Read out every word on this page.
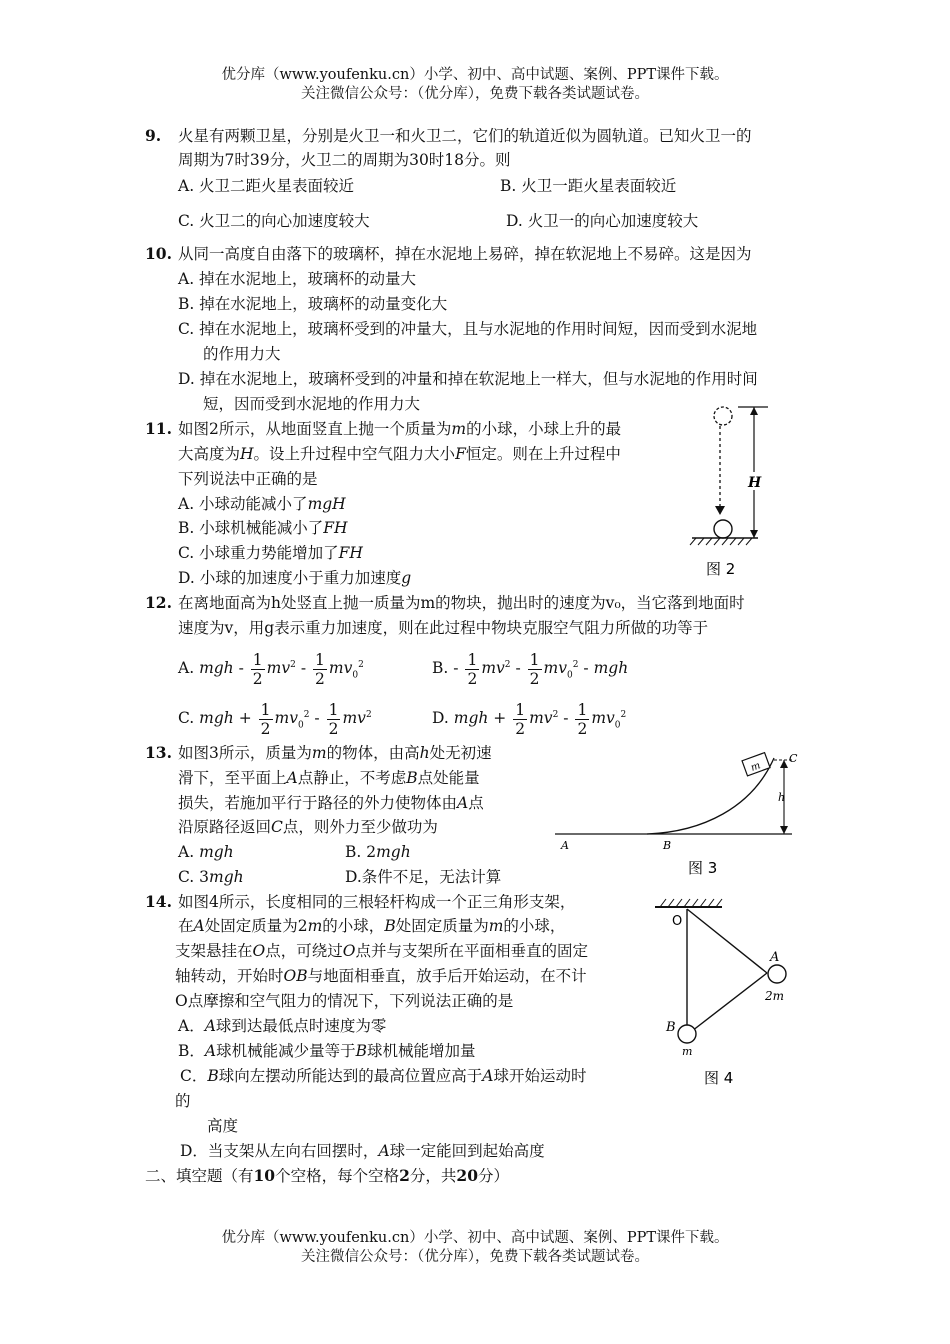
优分库（www.youfenku.cn）小学、初中、高中试题、案例、PPT课件下载。
关注微信公众号：（优分库），免费下载各类试题试卷。
9. 火星有两颗卫星，分别是火卫一和火卫二，它们的轨道近似为圆轨道。已知火卫一的
周期为7时39分，火卫二的周期为30时18分。则
A. 火卫二距火星表面较近	B. 火卫一距火星表面较近
C. 火卫二的向心加速度较大	D. 火卫一的向心加速度较大
10. 从同一高度自由落下的玻璃杯，掉在水泥地上易碎，掉在软泥地上不易碎。这是因为
A. 掉在水泥地上，玻璃杯的动量大
B. 掉在水泥地上，玻璃杯的动量变化大
C. 掉在水泥地上，玻璃杯受到的冲量大，且与水泥地的作用时间短，因而受到水泥地
的作用力大
D. 掉在水泥地上，玻璃杯受到的冲量和掉在软泥地上一样大，但与水泥地的作用时间
短，因而受到水泥地的作用力大
11. 如图2所示，从地面竖直上抛一个质量为m的小球，小球上升的最
大高度为H。设上升过程中空气阻力大小F恒定。则在上升过程中
下列说法中正确的是
A. 小球动能减小了mgH
B. 小球机械能减小了FH
C. 小球重力势能增加了FH
D. 小球的加速度小于重力加速度g
H
图 2
12. 在离地面高为h处竖直上抛一质量为m的物块，抛出时的速度为v₀，当它落到地面时
速度为v，用g表示重力加速度，则在此过程中物块克服空气阻力所做的功等于
A. mgh - $\frac{1}{2} mv^2 - \frac{1}{2} mv_0^2$	B. - $\frac{1}{2} mv^2 - \frac{1}{2} mv_0^2$ - mgh
C. mgh + $\frac{1}{2} mv_0^2 - \frac{1}{2} mv^2$	D. mgh + $\frac{1}{2} mv^2 - \frac{1}{2} mv_0^2$
13. 如图3所示，质量为m的物体，由高h处无初速
滑下，至平面上A点静止，不考虑B点处能量
损失，若施加平行于路径的外力使物体由A点
沿原路径返回C点，则外力至少做功为
A. mgh	B. 2mgh
C. 3mgh	D.条件不足，无法计算
m
h
C
A	B
图 3
14. 如图4所示，长度相同的三根轻杆构成一个正三角形支架，
在A处固定质量为2m的小球，B处固定质量为m的小球，
支架悬挂在O点，可绕过O点并与支架所在平面相垂直的固定
轴转动，开始时OB与地面相垂直，放手后开始运动，在不计
O点摩擦和空气阻力的情况下，下列说法正确的是
A．A球到达最低点时速度为零
B．A球机械能减少量等于B球机械能增加量
C．B球向左摆动所能达到的最高位置应高于A球开始运动时
的
高度
D．当支架从左向右回摆时，A球一定能回到起始高度
O
A
2m
B
m
图 4
二、填空题（有10个空格，每个空格2分，共20分）
优分库（www.youfenku.cn）小学、初中、高中试题、案例、PPT课件下载。
关注微信公众号：（优分库），免费下载各类试题试卷。
